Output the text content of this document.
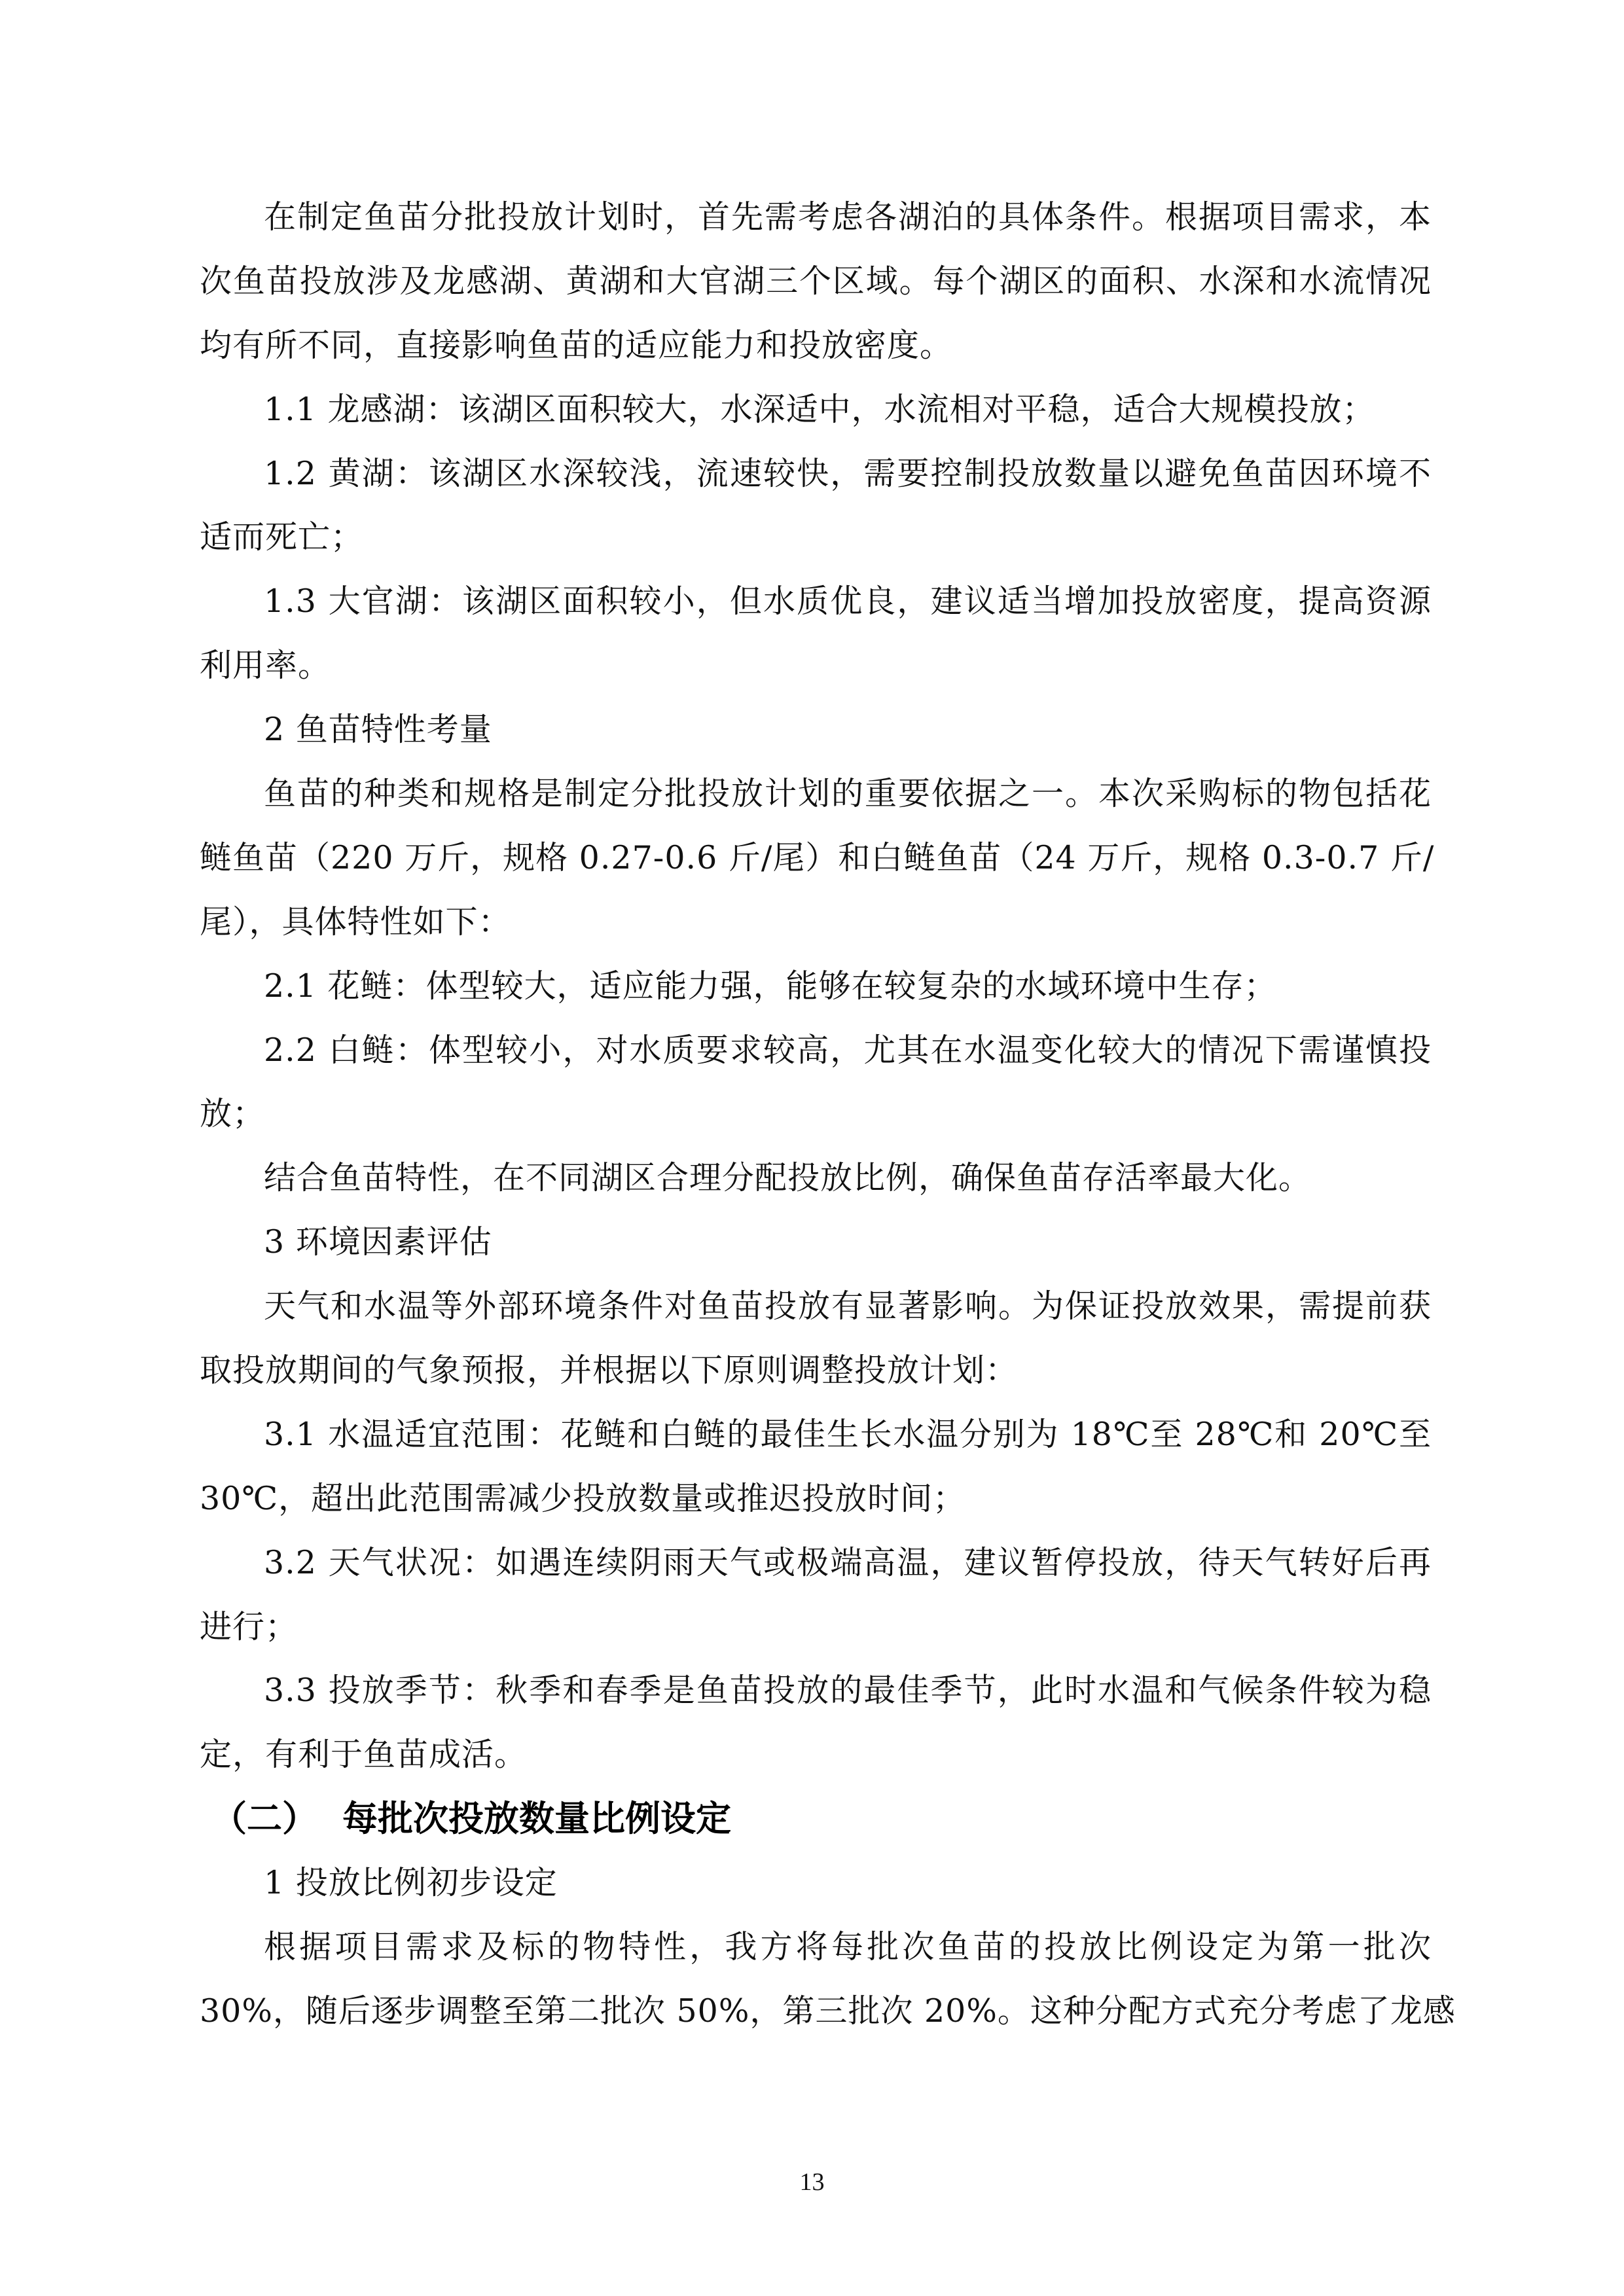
在制定鱼苗分批投放计划时，首先需考虑各湖泊的具体条件。根据项目需求，本
次鱼苗投放涉及龙感湖、黄湖和大官湖三个区域。每个湖区的面积、水深和水流情况
均有所不同，直接影响鱼苗的适应能力和投放密度。
1.1 龙感湖：该湖区面积较大，水深适中，水流相对平稳，适合大规模投放；
1.2 黄湖：该湖区水深较浅，流速较快，需要控制投放数量以避免鱼苗因环境不
适而死亡；
1.3 大官湖：该湖区面积较小，但水质优良，建议适当增加投放密度，提高资源
利用率。
2 鱼苗特性考量
鱼苗的种类和规格是制定分批投放计划的重要依据之一。本次采购标的物包括花
鲢鱼苗（220 万斤，规格 0.27-0.6 斤/尾）和白鲢鱼苗（24 万斤，规格 0.3-0.7 斤/
尾），具体特性如下：
2.1 花鲢：体型较大，适应能力强，能够在较复杂的水域环境中生存；
2.2 白鲢：体型较小，对水质要求较高，尤其在水温变化较大的情况下需谨慎投
放；
结合鱼苗特性，在不同湖区合理分配投放比例，确保鱼苗存活率最大化。
3 环境因素评估
天气和水温等外部环境条件对鱼苗投放有显著影响。为保证投放效果，需提前获
取投放期间的气象预报，并根据以下原则调整投放计划：
3.1 水温适宜范围：花鲢和白鲢的最佳生长水温分别为 18℃至 28℃和 20℃至
30℃，超出此范围需减少投放数量或推迟投放时间；
3.2 天气状况：如遇连续阴雨天气或极端高温，建议暂停投放，待天气转好后再
进行；
3.3 投放季节：秋季和春季是鱼苗投放的最佳季节，此时水温和气候条件较为稳
定，有利于鱼苗成活。
（二） 每批次投放数量比例设定
1 投放比例初步设定
根据项目需求及标的物特性，我方将每批次鱼苗的投放比例设定为第一批次
30%，随后逐步调整至第二批次 50%，第三批次 20%。这种分配方式充分考虑了龙感
13
